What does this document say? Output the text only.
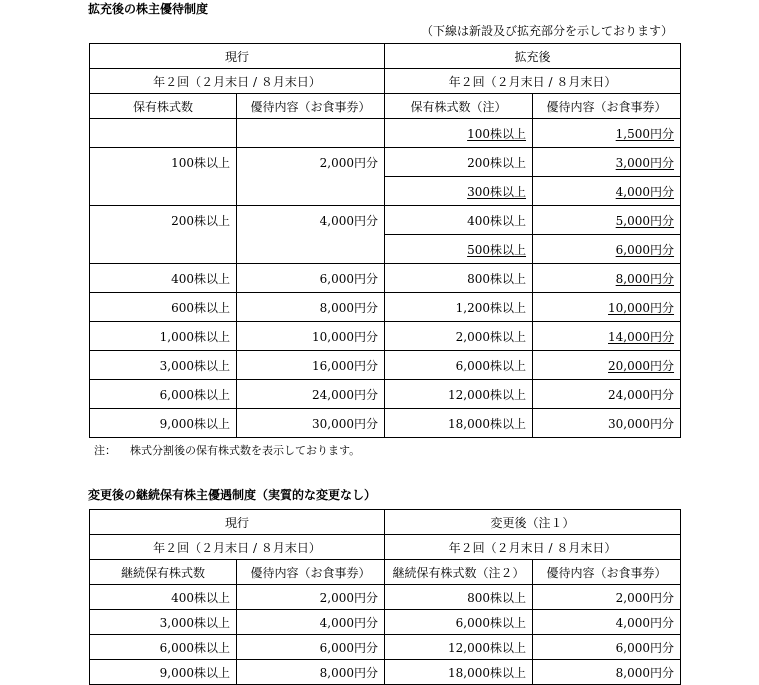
拡充後の株主優待制度
（下線は新設及び拡充部分を示しております）
現行		拡充後	
年２回（２月末日 / ８月末日）		年２回（２月末日 / ８月末日）	
保有株式数	優待内容（お食事券）	保有株式数（注）	優待内容（お食事券）
		100株以上	1,500円分
100株以上	2,000円分	200株以上	3,000円分
		300株以上	4,000円分
200株以上	4,000円分	400株以上	5,000円分
		500株以上	6,000円分
400株以上	6,000円分	800株以上	8,000円分
600株以上	8,000円分	1,200株以上	10,000円分
1,000株以上	10,000円分	2,000株以上	14,000円分
3,000株以上	16,000円分	6,000株以上	20,000円分
6,000株以上	24,000円分	12,000株以上	24,000円分
9,000株以上	30,000円分	18,000株以上	30,000円分
注： 株式分割後の保有株式数を表示しております。
変更後の継続保有株主優遇制度（実質的な変更なし）
現行		変更後（注１）	
年２回（２月末日 / ８月末日）		年２回（２月末日 / ８月末日）	
継続保有株式数	優待内容（お食事券）	継続保有株式数（注２）	優待内容（お食事券）
400株以上	2,000円分	800株以上	2,000円分
3,000株以上	4,000円分	6,000株以上	4,000円分
6,000株以上	6,000円分	12,000株以上	6,000円分
9,000株以上	8,000円分	18,000株以上	8,000円分
